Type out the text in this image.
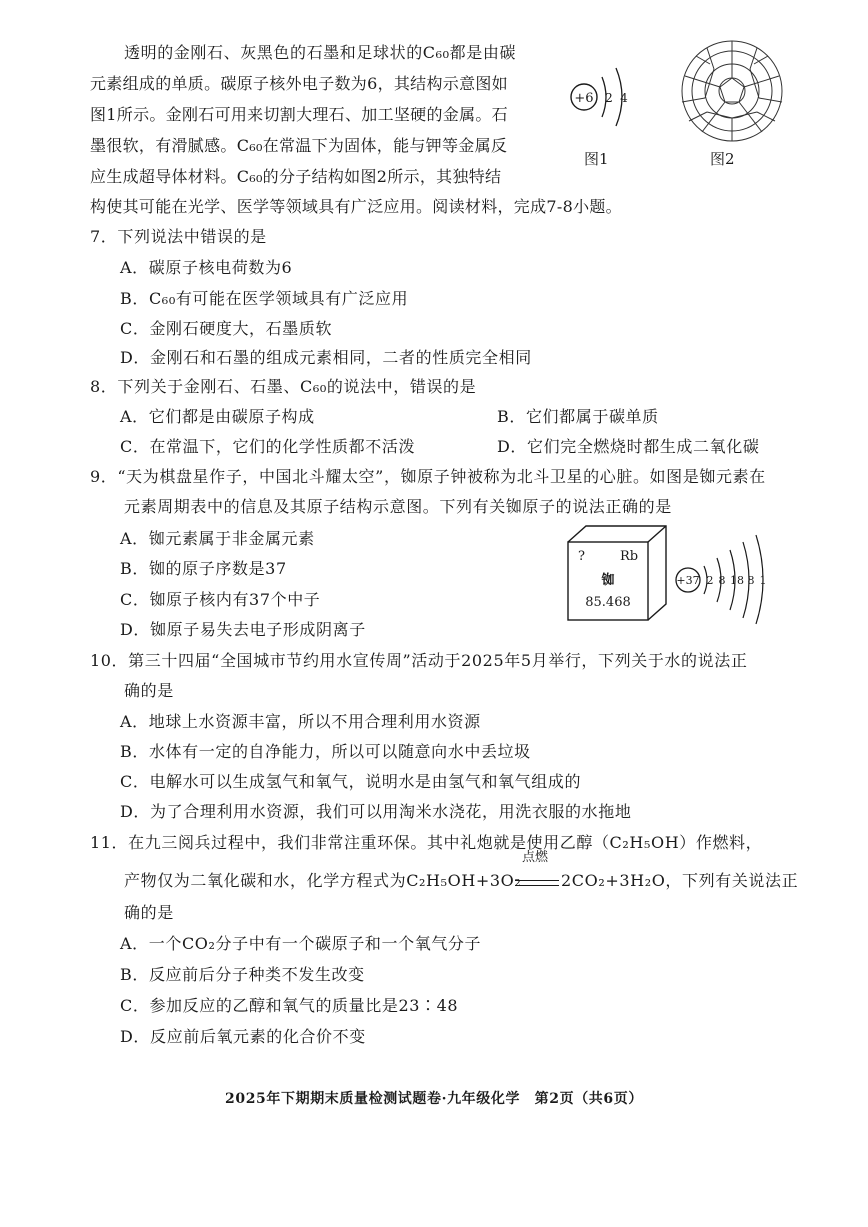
透明的金刚石、灰黑色的石墨和足球状的C₆₀都是由碳
元素组成的单质。碳原子核外电子数为6，其结构示意图如
图1所示。金刚石可用来切割大理石、加工坚硬的金属。石
墨很软，有滑腻感。C₆₀在常温下为固体，能与钾等金属反
应生成超导体材料。C₆₀的分子结构如图2所示，其独特结
构使其可能在光学、医学等领域具有广泛应用。阅读材料，完成7-8小题。
+6 2 4
图1	图2
7．下列说法中错误的是
A．碳原子核电荷数为6
B．C₆₀有可能在医学领域具有广泛应用
C．金刚石硬度大，石墨质软
D．金刚石和石墨的组成元素相同，二者的性质完全相同
8．下列关于金刚石、石墨、C₆₀的说法中，错误的是
A．它们都是由碳原子构成	B．它们都属于碳单质
C．在常温下，它们的化学性质都不活泼	D．它们完全燃烧时都生成二氧化碳
9．“天为棋盘星作子，中国北斗耀太空”，铷原子钟被称为北斗卫星的心脏。如图是铷元素在
元素周期表中的信息及其原子结构示意图。下列有关铷原子的说法正确的是
A．铷元素属于非金属元素
B．铷的原子序数是37
C．铷原子核内有37个中子
D．铷原子易失去电子形成阴离子
?	Rb
铷
85.468
+37 2 8 18 8 1
10．第三十四届“全国城市节约用水宣传周”活动于2025年5月举行，下列关于水的说法正
确的是
A．地球上水资源丰富，所以不用合理利用水资源
B．水体有一定的自净能力，所以可以随意向水中丢垃圾
C．电解水可以生成氢气和氧气，说明水是由氢气和氧气组成的
D．为了合理利用水资源，我们可以用淘米水浇花，用洗衣服的水拖地
11．在九三阅兵过程中，我们非常注重环保。其中礼炮就是使用乙醇（C₂H₅OH）作燃料，
点燃
产物仅为二氧化碳和水，化学方程式为C₂H₅OH+3O₂ 2CO₂+3H₂O，下列有关说法正
确的是
A．一个CO₂分子中有一个碳原子和一个氧气分子
B．反应前后分子种类不发生改变
C．参加反应的乙醇和氧气的质量比是23∶48
D．反应前后氧元素的化合价不变
2025年下期期末质量检测试题卷·九年级化学　第2页（共6页）
